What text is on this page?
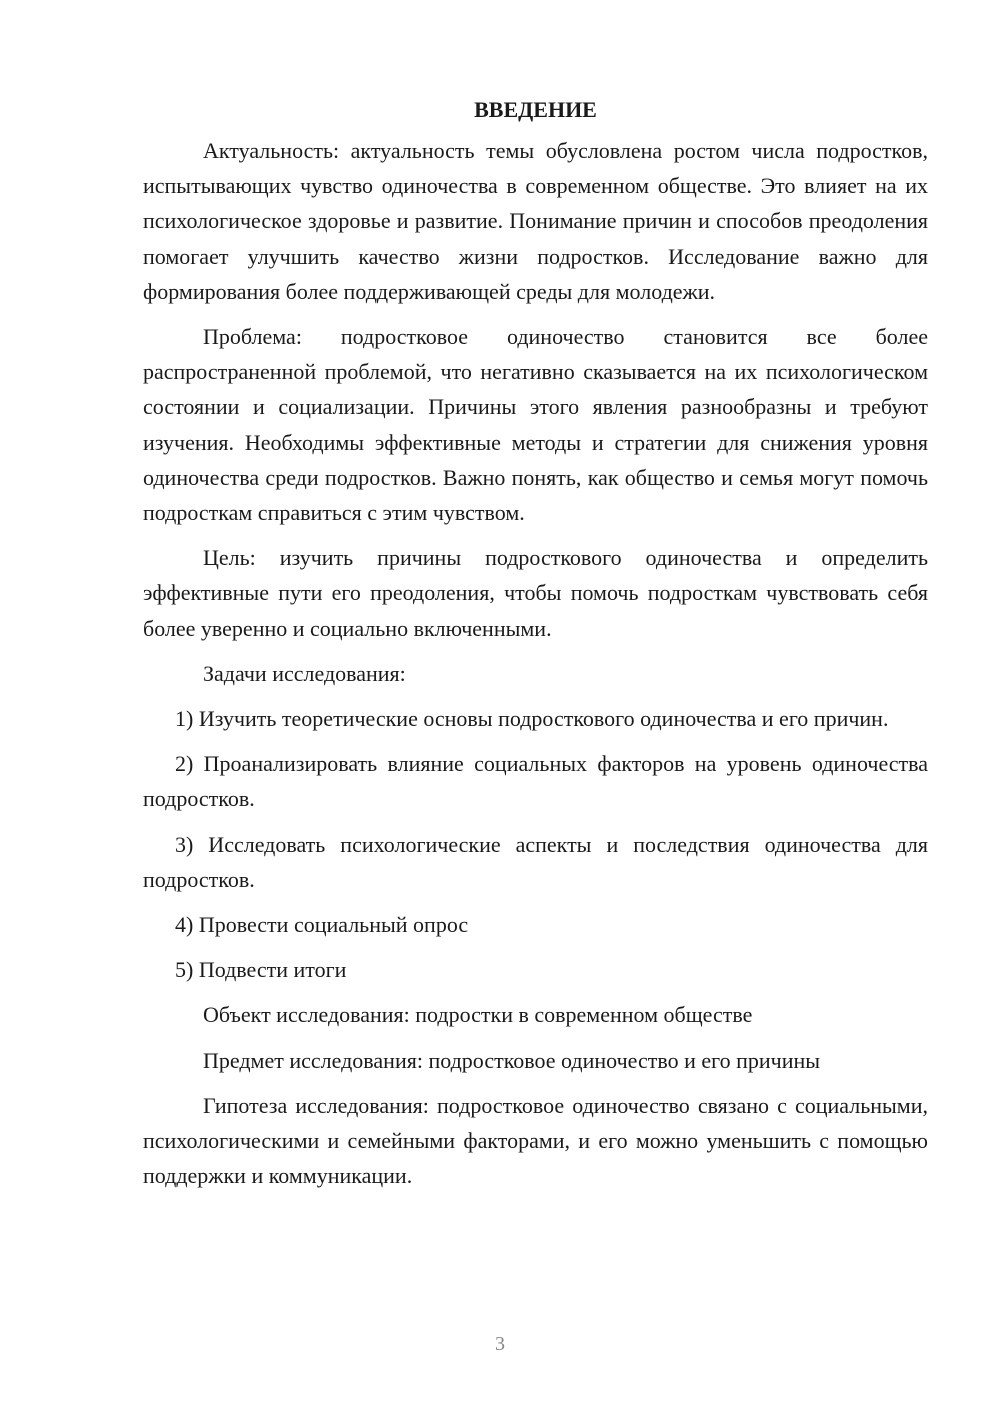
ВВЕДЕНИЕ

Актуальность: актуальность темы обусловлена ростом числа подростков, испытывающих чувство одиночества в современном обществе. Это влияет на их психологическое здоровье и развитие. Понимание причин и способов преодоления помогает улучшить качество жизни подростков. Исследование важно для формирования более поддерживающей среды для молодежи.

Проблема: подростковое одиночество становится все более распространенной проблемой, что негативно сказывается на их психологическом состоянии и социализации. Причины этого явления разнообразны и требуют изучения. Необходимы эффективные методы и стратегии для снижения уровня одиночества среди подростков. Важно понять, как общество и семья могут помочь подросткам справиться с этим чувством.

Цель: изучить причины подросткового одиночества и определить эффективные пути его преодоления, чтобы помочь подросткам чувствовать себя более уверенно и социально включенными.

Задачи исследования:

1) Изучить теоретические основы подросткового одиночества и его причин.

2) Проанализировать влияние социальных факторов на уровень одиночества подростков.

3) Исследовать психологические аспекты и последствия одиночества для подростков.

4) Провести социальный опрос

5) Подвести итоги

Объект исследования: подростки в современном обществе

Предмет исследования: подростковое одиночество и его причины

Гипотеза исследования: подростковое одиночество связано с социальными, психологическими и семейными факторами, и его можно уменьшить с помощью поддержки и коммуникации.

3
